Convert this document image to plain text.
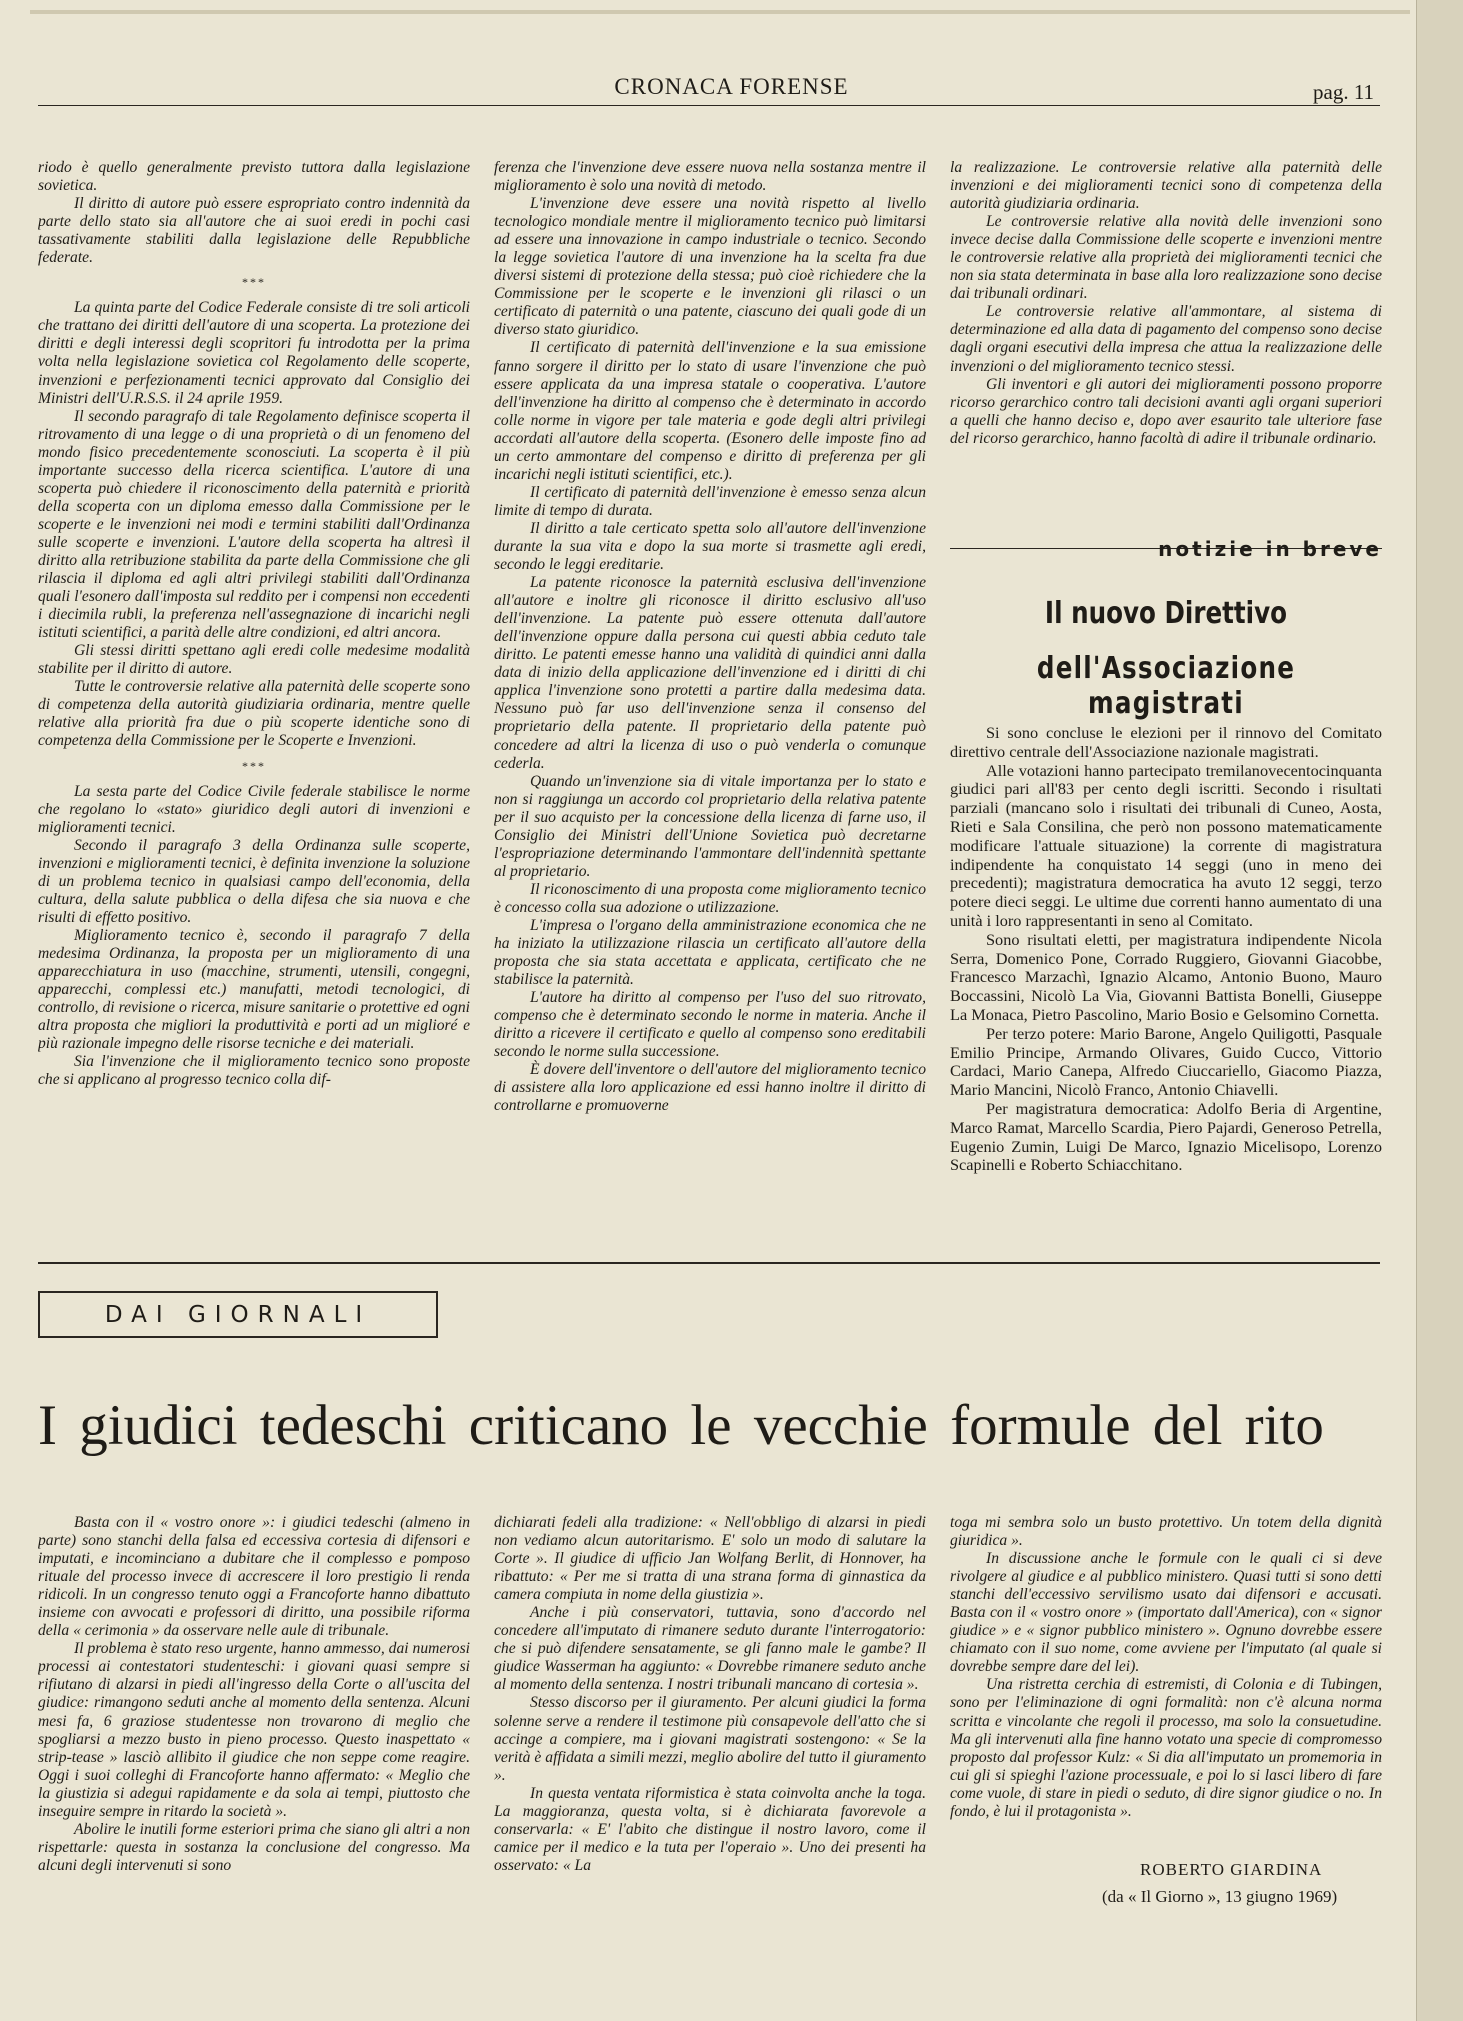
CRONACA FORENSE	pag. 11

riodo è quello generalmente previsto tuttora dalla legislazione sovietica.

Il diritto di autore può essere espropriato contro indennità da parte dello stato sia all'autore che ai suoi eredi in pochi casi tassativamente stabiliti dalla legislazione delle Repubbliche federate.

***

La quinta parte del Codice Federale consiste di tre soli articoli che trattano dei diritti dell'autore di una scoperta. La protezione dei diritti e degli interessi degli scopritori fu introdotta per la prima volta nella legislazione sovietica col Regolamento delle scoperte, invenzioni e perfezionamenti tecnici approvato dal Consiglio dei Ministri dell'U.R.S.S. il 24 aprile 1959.

Il secondo paragrafo di tale Regolamento definisce scoperta il ritrovamento di una legge o di una proprietà o di un fenomeno del mondo fisico precedentemente sconosciuti. La scoperta è il più importante successo della ricerca scientifica. L'autore di una scoperta può chiedere il riconoscimento della paternità e priorità della scoperta con un diploma emesso dalla Commissione per le scoperte e le invenzioni nei modi e termini stabiliti dall'Ordinanza sulle scoperte e invenzioni. L'autore della scoperta ha altresì il diritto alla retribuzione stabilita da parte della Commissione che gli rilascia il diploma ed agli altri privilegi stabiliti dall'Ordinanza quali l'esonero dall'imposta sul reddito per i compensi non eccedenti i diecimila rubli, la preferenza nell'assegnazione di incarichi negli istituti scientifici, a parità delle altre condizioni, ed altri ancora.

Gli stessi diritti spettano agli eredi colle medesime modalità stabilite per il diritto di autore.

Tutte le controversie relative alla paternità delle scoperte sono di competenza della autorità giudiziaria ordinaria, mentre quelle relative alla priorità fra due o più scoperte identiche sono di competenza della Commissione per le Scoperte e Invenzioni.

***

La sesta parte del Codice Civile federale stabilisce le norme che regolano lo «stato» giuridico degli autori di invenzioni e miglioramenti tecnici.

Secondo il paragrafo 3 della Ordinanza sulle scoperte, invenzioni e miglioramenti tecnici, è definita invenzione la soluzione di un problema tecnico in qualsiasi campo dell'economia, della cultura, della salute pubblica o della difesa che sia nuova e che risulti di effetto positivo.

Miglioramento tecnico è, secondo il paragrafo 7 della medesima Ordinanza, la proposta per un miglioramento di una apparecchiatura in uso (macchine, strumenti, utensili, congegni, apparecchi, complessi etc.) manufatti, metodi tecnologici, di controllo, di revisione o ricerca, misure sanitarie o protettive ed ogni altra proposta che migliori la produttività e porti ad un miglioré e più razionale impegno delle risorse tecniche e dei materiali.

Sia l'invenzione che il miglioramento tecnico sono proposte che si applicano al progresso tecnico colla dif-

ferenza che l'invenzione deve essere nuova nella sostanza mentre il miglioramento è solo una novità di metodo.

L'invenzione deve essere una novità rispetto al livello tecnologico mondiale mentre il miglioramento tecnico può limitarsi ad essere una innovazione in campo industriale o tecnico. Secondo la legge sovietica l'autore di una invenzione ha la scelta fra due diversi sistemi di protezione della stessa; può cioè richiedere che la Commissione per le scoperte e le invenzioni gli rilasci o un certificato di paternità o una patente, ciascuno dei quali gode di un diverso stato giuridico.

Il certificato di paternità dell'invenzione e la sua emissione fanno sorgere il diritto per lo stato di usare l'invenzione che può essere applicata da una impresa statale o cooperativa. L'autore dell'invenzione ha diritto al compenso che è determinato in accordo colle norme in vigore per tale materia e gode degli altri privilegi accordati all'autore della scoperta. (Esonero delle imposte fino ad un certo ammontare del compenso e diritto di preferenza per gli incarichi negli istituti scientifici, etc.).

Il certificato di paternità dell'invenzione è emesso senza alcun limite di tempo di durata.

Il diritto a tale certicato spetta solo all'autore dell'invenzione durante la sua vita e dopo la sua morte si trasmette agli eredi, secondo le leggi ereditarie.

La patente riconosce la paternità esclusiva dell'invenzione all'autore e inoltre gli riconosce il diritto esclusivo all'uso dell'invenzione. La patente può essere ottenuta dall'autore dell'invenzione oppure dalla persona cui questi abbia ceduto tale diritto. Le patenti emesse hanno una validità di quindici anni dalla data di inizio della applicazione dell'invenzione ed i diritti di chi applica l'invenzione sono protetti a partire dalla medesima data. Nessuno può far uso dell'invenzione senza il consenso del proprietario della patente. Il proprietario della patente può concedere ad altri la licenza di uso o può venderla o comunque cederla.

Quando un'invenzione sia di vitale importanza per lo stato e non si raggiunga un accordo col proprietario della relativa patente per il suo acquisto per la concessione della licenza di farne uso, il Consiglio dei Ministri dell'Unione Sovietica può decretarne l'espropriazione determinando l'ammontare dell'indennità spettante al proprietario.

Il riconoscimento di una proposta come miglioramento tecnico è concesso colla sua adozione o utilizzazione.

L'impresa o l'organo della amministrazione economica che ne ha iniziato la utilizzazione rilascia un certificato all'autore della proposta che sia stata accettata e applicata, certificato che ne stabilisce la paternità.

L'autore ha diritto al compenso per l'uso del suo ritrovato, compenso che è determinato secondo le norme in materia. Anche il diritto a ricevere il certificato e quello al compenso sono ereditabili secondo le norme sulla successione.

È dovere dell'inventore o dell'autore del miglioramento tecnico di assistere alla loro applicazione ed essi hanno inoltre il diritto di controllarne e promuoverne

la realizzazione. Le controversie relative alla paternità delle invenzioni e dei miglioramenti tecnici sono di competenza della autorità giudiziaria ordinaria.

Le controversie relative alla novità delle invenzioni sono invece decise dalla Commissione delle scoperte e invenzioni mentre le controversie relative alla proprietà dei miglioramenti tecnici che non sia stata determinata in base alla loro realizzazione sono decise dai tribunali ordinari.

Le controversie relative all'ammontare, al sistema di determinazione ed alla data di pagamento del compenso sono decise dagli organi esecutivi della impresa che attua la realizzazione delle invenzioni o del miglioramento tecnico stessi.

Gli inventori e gli autori dei miglioramenti possono proporre ricorso gerarchico contro tali decisioni avanti agli organi superiori a quelli che hanno deciso e, dopo aver esaurito tale ulteriore fase del ricorso gerarchico, hanno facoltà di adire il tribunale ordinario.

notizie in breve
Il nuovo Direttivo
dell'Associazione magistrati

Si sono concluse le elezioni per il rinnovo del Comitato direttivo centrale dell'Associazione nazionale magistrati.

Alle votazioni hanno partecipato tremilanovecentocinquanta giudici pari all'83 per cento degli iscritti. Secondo i risultati parziali (mancano solo i risultati dei tribunali di Cuneo, Aosta, Rieti e Sala Consilina, che però non possono matematicamente modificare l'attuale situazione) la corrente di magistratura indipendente ha conquistato 14 seggi (uno in meno dei precedenti); magistratura democratica ha avuto 12 seggi, terzo potere dieci seggi. Le ultime due correnti hanno aumentato di una unità i loro rappresentanti in seno al Comitato.

Sono risultati eletti, per magistratura indipendente Nicola Serra, Domenico Pone, Corrado Ruggiero, Giovanni Giacobbe, Francesco Marzachì, Ignazio Alcamo, Antonio Buono, Mauro Boccassini, Nicolò La Via, Giovanni Battista Bonelli, Giuseppe La Monaca, Pietro Pascolino, Mario Bosio e Gelsomino Cornetta.

Per terzo potere: Mario Barone, Angelo Quiligotti, Pasquale Emilio Principe, Armando Olivares, Guido Cucco, Vittorio Cardaci, Mario Canepa, Alfredo Ciuccariello, Giacomo Piazza, Mario Mancini, Nicolò Franco, Antonio Chiavelli.

Per magistratura democratica: Adolfo Beria di Argentine, Marco Ramat, Marcello Scardia, Piero Pajardi, Generoso Petrella, Eugenio Zumin, Luigi De Marco, Ignazio Micelisopo, Lorenzo Scapinelli e Roberto Schiacchitano.

DAI GIORNALI
I giudici tedeschi criticano le vecchie formule del rito

Basta con il « vostro onore »: i giudici tedeschi (almeno in parte) sono stanchi della falsa ed eccessiva cortesia di difensori e imputati, e incominciano a dubitare che il complesso e pomposo rituale del processo invece di accrescere il loro prestigio li renda ridicoli. In un congresso tenuto oggi a Francoforte hanno dibattuto insieme con avvocati e professori di diritto, una possibile riforma della « cerimonia » da osservare nelle aule di tribunale.

Il problema è stato reso urgente, hanno ammesso, dai numerosi processi ai contestatori studenteschi: i giovani quasi sempre si rifiutano di alzarsi in piedi all'ingresso della Corte o all'uscita del giudice: rimangono seduti anche al momento della sentenza. Alcuni mesi fa, 6 graziose studentesse non trovarono di meglio che spogliarsi a mezzo busto in pieno processo. Questo inaspettato « strip-tease » lasciò allibito il giudice che non seppe come reagire. Oggi i suoi colleghi di Francoforte hanno affermato: « Meglio che la giustizia si adegui rapidamente e da sola ai tempi, piuttosto che inseguire sempre in ritardo la società ».

Abolire le inutili forme esteriori prima che siano gli altri a non rispettarle: questa in sostanza la conclusione del congresso. Ma alcuni degli intervenuti si sono

dichiarati fedeli alla tradizione: « Nell'obbligo di alzarsi in piedi non vediamo alcun autoritarismo. E' solo un modo di salutare la Corte ». Il giudice di ufficio Jan Wolfang Berlit, di Honnover, ha ribattuto: « Per me si tratta di una strana forma di ginnastica da camera compiuta in nome della giustizia ».

Anche i più conservatori, tuttavia, sono d'accordo nel concedere all'imputato di rimanere seduto durante l'interrogatorio: che si può difendere sensatamente, se gli fanno male le gambe? Il giudice Wasserman ha aggiunto: « Dovrebbe rimanere seduto anche al momento della sentenza. I nostri tribunali mancano di cortesia ».

Stesso discorso per il giuramento. Per alcuni giudici la forma solenne serve a rendere il testimone più consapevole dell'atto che si accinge a compiere, ma i giovani magistrati sostengono: « Se la verità è affidata a simili mezzi, meglio abolire del tutto il giuramento ».

In questa ventata riformistica è stata coinvolta anche la toga. La maggioranza, questa volta, si è dichiarata favorevole a conservarla: « E' l'abito che distingue il nostro lavoro, come il camice per il medico e la tuta per l'operaio ». Uno dei presenti ha osservato: « La

toga mi sembra solo un busto protettivo. Un totem della dignità giuridica ».

In discussione anche le formule con le quali ci si deve rivolgere al giudice e al pubblico ministero. Quasi tutti si sono detti stanchi dell'eccessivo servilismo usato dai difensori e accusati. Basta con il « vostro onore » (importato dall'America), con « signor giudice » e « signor pubblico ministero ». Ognuno dovrebbe essere chiamato con il suo nome, come avviene per l'imputato (al quale si dovrebbe sempre dare del lei).

Una ristretta cerchia di estremisti, di Colonia e di Tubingen, sono per l'eliminazione di ogni formalità: non c'è alcuna norma scritta e vincolante che regoli il processo, ma solo la consuetudine. Ma gli intervenuti alla fine hanno votato una specie di compromesso proposto dal professor Kulz: « Si dia all'imputato un promemoria in cui gli si spieghi l'azione processuale, e poi lo si lasci libero di fare come vuole, di stare in piedi o seduto, di dire signor giudice o no. In fondo, è lui il protagonista ».

ROBERTO GIARDINA
(da « Il Giorno », 13 giugno 1969)
